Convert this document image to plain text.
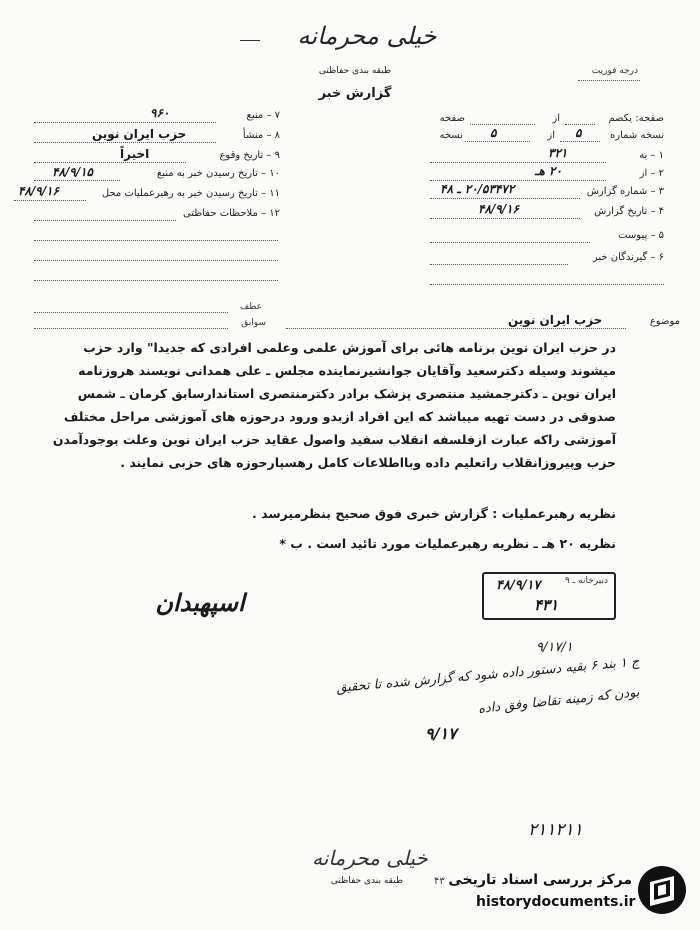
خیلی محرمانه
طبقه بندی حفاظتی
گزارش خبر
درجه فوریت
صفحه: یکصم
از
صفحه
نسخه شماره
۵
از
۵
نسخه
۱ – به
۳۲۱
۲ – از
۲۰ هـ
۳ – شماره گزارش
۲۰/۵۳۴۷۲ ـ ۴۸
۴ – تاریخ گزارش
۴۸/۹/۱۶
۵ – پیوست
۶ – گیرندگان خبر
۷ – منبع
۹۶۰
۸ – منشأ
حزب ایران نوین
۹ – تاریخ وقوع
اخیراً
۱۰ – تاریخ رسیدن خبر به منبع
۴۸/۹/۱۵
۱۱ – تاریخ رسیدن خبر به رهبرعملیات محل
۴۸/۹/۱۶
۱۲ – ملاحظات حفاظتی
عطف
سوابق	موضوع
حزب ایران نوین
در حزب ایران نوین برنامه هائی برای آموزش علمی وعلمی افرادی که جدیدا" وارد حزب
میشوند وسیله دکترسعید وآقایان جوانشیرنماینده مجلس ـ علی همدانی نویسند هروزنامه
ایران نوین ـ دکترجمشید منتصری پزشک برادر دکترمنتصری استاندارسابق کرمان ـ شمس
صدوقی در دست تهیه میباشد که این افراد ازبدو ورود درحوزه های آموزشی مراحل مختلف
آموزشی راکه عبارت ازفلسفه انقلاب سفید واصول عقاید حزب ایران نوین وعلت بوجودآمدن
حزب وپیروزانقلاب راتعلیم داده وبااطلاعات کامل رهسپارحوزه های حزبی نمایند .
نظریه رهبرعملیات : گزارش خبری فوق صحیح بنظرمیرسد .
نظریه ۲۰ هـ ـ نظریه رهبرعملیات مورد تائید است . ب *
دبیرخانه ـ ۹
۴۸/۹/۱۷
۴۳۱
اسپهبدان
۹/۱۷/۱
ج ۱ بند ۶ بقیه دستور داده شود که گزارش شده تا تحقیق
بودن که زمینه تقاضا وفق داده
۹/۱۷
۲۱۱۲۱۱
خیلی محرمانه
طبقه بندی حفاظتی	۴۳ مرکز بررسی اسناد تاریخی
historydocuments.ir
